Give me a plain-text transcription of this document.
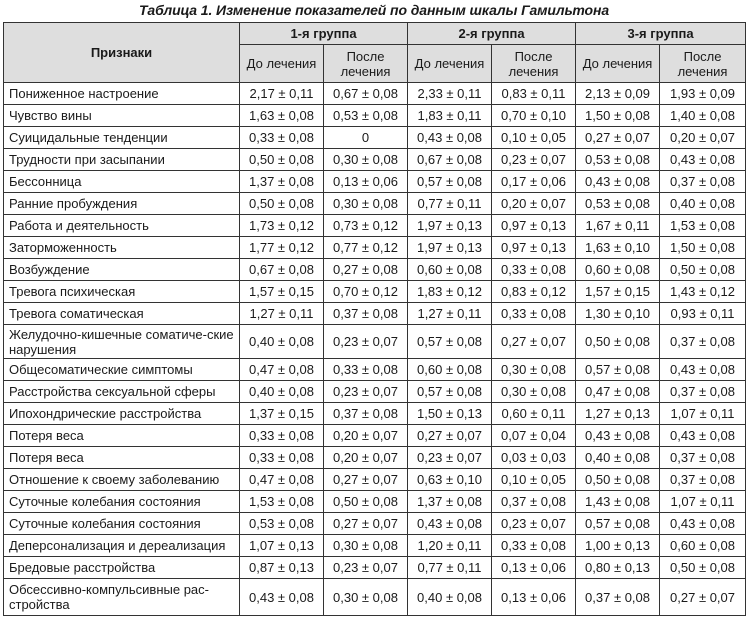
Таблица 1. Изменение показателей по данным шкалы Гамильтона
Признаки	1-я группа		2-я группа		3-я группа	
	До лечения	После лечения	До лечения	После лечения	До лечения	После лечения
Пониженное настроение	2,17 ± 0,11	0,67 ± 0,08	2,33 ± 0,11	0,83 ± 0,11	2,13 ± 0,09	1,93 ± 0,09
Чувство вины	1,63 ± 0,08	0,53 ± 0,08	1,83 ± 0,11	0,70 ± 0,10	1,50 ± 0,08	1,40 ± 0,08
Суицидальные тенденции	0,33 ± 0,08	0	0,43 ± 0,08	0,10 ± 0,05	0,27 ± 0,07	0,20 ± 0,07
Трудности при засыпании	0,50 ± 0,08	0,30 ± 0,08	0,67 ± 0,08	0,23 ± 0,07	0,53 ± 0,08	0,43 ± 0,08
Бессонница	1,37 ± 0,08	0,13 ± 0,06	0,57 ± 0,08	0,17 ± 0,06	0,43 ± 0,08	0,37 ± 0,08
Ранние пробуждения	0,50 ± 0,08	0,30 ± 0,08	0,77 ± 0,11	0,20 ± 0,07	0,53 ± 0,08	0,40 ± 0,08
Работа и деятельность	1,73 ± 0,12	0,73 ± 0,12	1,97 ± 0,13	0,97 ± 0,13	1,67 ± 0,11	1,53 ± 0,08
Заторможенность	1,77 ± 0,12	0,77 ± 0,12	1,97 ± 0,13	0,97 ± 0,13	1,63 ± 0,10	1,50 ± 0,08
Возбуждение	0,67 ± 0,08	0,27 ± 0,08	0,60 ± 0,08	0,33 ± 0,08	0,60 ± 0,08	0,50 ± 0,08
Тревога психическая	1,57 ± 0,15	0,70 ± 0,12	1,83 ± 0,12	0,83 ± 0,12	1,57 ± 0,15	1,43 ± 0,12
Тревога соматическая	1,27 ± 0,11	0,37 ± 0,08	1,27 ± 0,11	0,33 ± 0,08	1,30 ± 0,10	0,93 ± 0,11
Желудочно-кишечные соматиче-ские нарушения	0,40 ± 0,08	0,23 ± 0,07	0,57 ± 0,08	0,27 ± 0,07	0,50 ± 0,08	0,37 ± 0,08
Общесоматические симптомы	0,47 ± 0,08	0,33 ± 0,08	0,60 ± 0,08	0,30 ± 0,08	0,57 ± 0,08	0,43 ± 0,08
Расстройства сексуальной сферы	0,40 ± 0,08	0,23 ± 0,07	0,57 ± 0,08	0,30 ± 0,08	0,47 ± 0,08	0,37 ± 0,08
Ипохондрические расстройства	1,37 ± 0,15	0,37 ± 0,08	1,50 ± 0,13	0,60 ± 0,11	1,27 ± 0,13	1,07 ± 0,11
Потеря веса	0,33 ± 0,08	0,20 ± 0,07	0,27 ± 0,07	0,07 ± 0,04	0,43 ± 0,08	0,43 ± 0,08
Потеря веса	0,33 ± 0,08	0,20 ± 0,07	0,23 ± 0,07	0,03 ± 0,03	0,40 ± 0,08	0,37 ± 0,08
Отношение к своему заболеванию	0,47 ± 0,08	0,27 ± 0,07	0,63 ± 0,10	0,10 ± 0,05	0,50 ± 0,08	0,37 ± 0,08
Суточные колебания состояния	1,53 ± 0,08	0,50 ± 0,08	1,37 ± 0,08	0,37 ± 0,08	1,43 ± 0,08	1,07 ± 0,11
Суточные колебания состояния	0,53 ± 0,08	0,27 ± 0,07	0,43 ± 0,08	0,23 ± 0,07	0,57 ± 0,08	0,43 ± 0,08
Деперсонализация и дереализация	1,07 ± 0,13	0,30 ± 0,08	1,20 ± 0,11	0,33 ± 0,08	1,00 ± 0,13	0,60 ± 0,08
Бредовые расстройства	0,87 ± 0,13	0,23 ± 0,07	0,77 ± 0,11	0,13 ± 0,06	0,80 ± 0,13	0,50 ± 0,08
Обсессивно-компульсивные рас-стройства	0,43 ± 0,08	0,30 ± 0,08	0,40 ± 0,08	0,13 ± 0,06	0,37 ± 0,08	0,27 ± 0,07
